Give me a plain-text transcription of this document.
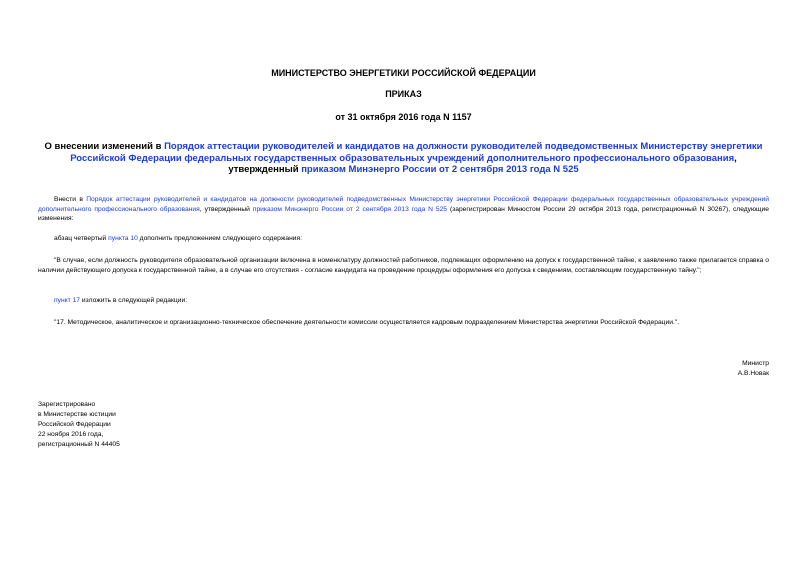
МИНИСТЕРСТВО ЭНЕРГЕТИКИ РОССИЙСКОЙ ФЕДЕРАЦИИ
ПРИКАЗ
от 31 октября 2016 года N 1157
О внесении изменений в Порядок аттестации руководителей и кандидатов на должности руководителей подведомственных Министерству энергетики Российской Федерации федеральных государственных образовательных учреждений дополнительного профессионального образования, утвержденный приказом Минэнерго России от 2 сентября 2013 года N 525
Внести в Порядок аттестации руководителей и кандидатов на должности руководителей подведомственных Министерству энергетики Российской Федерации федеральных государственных образовательных учреждений дополнительного профессионального образования, утвержденный приказом Минэнерго России от 2 сентября 2013 года N 525 (зарегистрирован Минюстом России 29 октября 2013 года, регистрационный N 30267), следующие изменения:
абзац четвертый пункта 10 дополнить предложением следующего содержания:
"В случае, если должность руководителя образовательной организации включена в номенклатуру должностей работников, подлежащих оформлению на допуск к государственной тайне, к заявлению также прилагается справка о наличии действующего допуска к государственной тайне, а в случае его отсутствия - согласие кандидата на проведение процедуры оформления его допуска к сведениям, составляющим государственную тайну.";
пункт 17 изложить в следующей редакции:
"17. Методическое, аналитическое и организационно-техническое обеспечение деятельности комиссии осуществляется кадровым подразделением Министерства энергетики Российской Федерации.".
Министр
А.В.Новак
Зарегистрировано
в Министерстве юстиции
Российской Федерации
22 ноября 2016 года,
регистрационный N 44405
